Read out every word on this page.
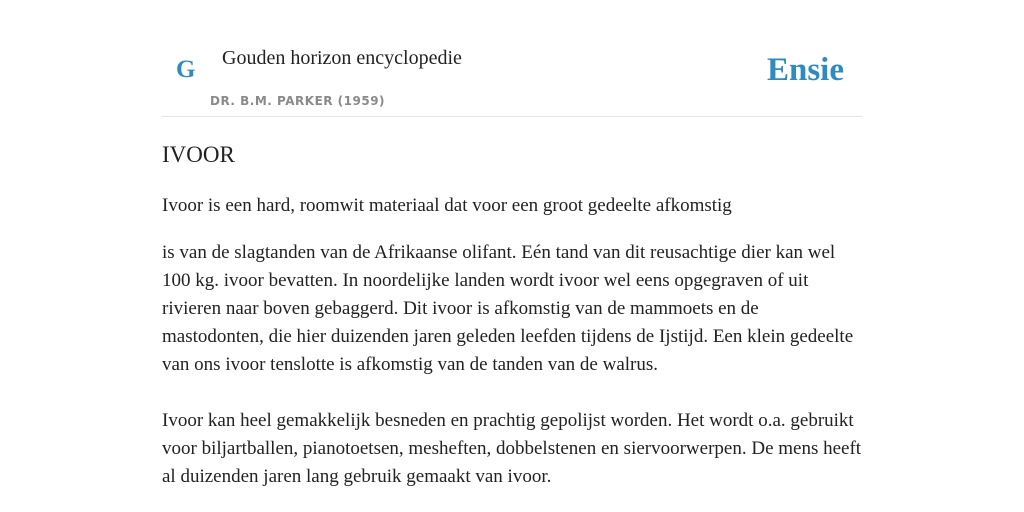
G Gouden horizon encyclopedie
DR. B.M. PARKER (1959)
Ensie
IVOOR

Ivoor is een hard, roomwit materiaal dat voor een groot gedeelte afkomstig

is van de slagtanden van de Afrikaanse olifant. Eén tand van dit reusachtige dier kan wel 100 kg. ivoor bevatten. In noordelijke landen wordt ivoor wel eens opgegraven of uit rivieren naar boven gebaggerd. Dit ivoor is afkomstig van de mammoets en de mastodonten, die hier duizenden jaren geleden leefden tijdens de Ijstijd. Een klein gedeelte van ons ivoor tenslotte is afkomstig van de tanden van de walrus.

Ivoor kan heel gemakkelijk besneden en prachtig gepolijst worden. Het wordt o.a. gebruikt voor biljartballen, pianotoetsen, mesheften, dobbelstenen en siervoorwerpen. De mens heeft al duizenden jaren lang gebruik gemaakt van ivoor.
